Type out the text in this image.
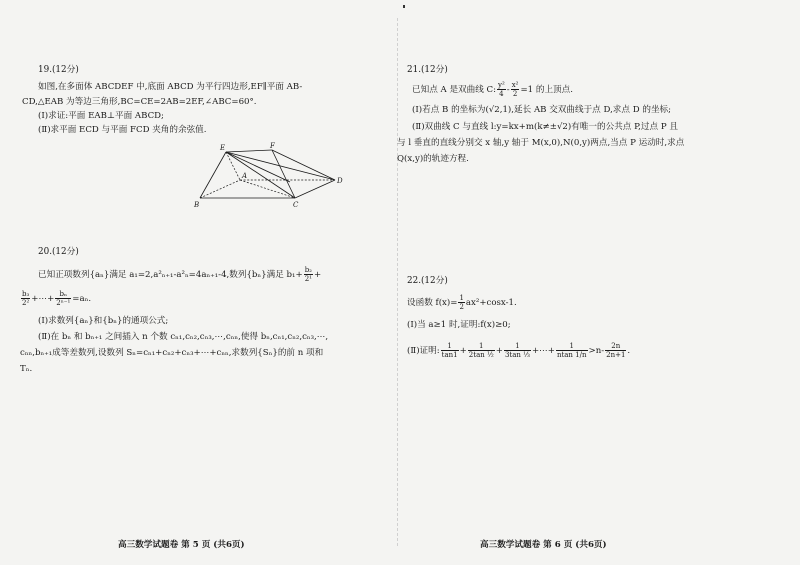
19.(12分)
如图,在多面体 ABCDEF 中,底面 ABCD 为平行四边形,EF∥平面 AB-
CD,△EAB 为等边三角形,BC=CE=2AB=2EF,∠ABC=60°.
(Ⅰ)求证:平面 EAB⊥平面 ABCD;
(Ⅱ)求平面 ECD 与平面 FCD 夹角的余弦值.
E	F
A
B	C
D
20.(12分)
已知正项数列{aₙ}满足 a₁=2,a²ₙ₊₁-a²ₙ=4aₙ₊₁-4,数列{bₙ}满足 $b_1+ \frac{\text{b₂}}{\text{2¹}}$ +
$\frac{\text{b₃}}{\text{2²}}$ +⋯+ $\frac{\text{bₙ}}{\text{2ⁿ⁻¹}} =a_n$.
(Ⅰ)求数列{aₙ}和{bₙ}的通项公式;
(Ⅱ)在 bₙ 和 bₙ₊₁ 之间插入 n 个数 cₙ₁,cₙ₂,cₙ₃,⋯,cₙₙ,使得 bₙ,cₙ₁,cₙ₂,cₙ₃,⋯,
cₙₙ,bₙ₊₁成等差数列,设数列 Sₙ=cₙ₁+cₙ₂+cₙ₃+⋯+cₙₙ,求数列{Sₙ}的前 n 项和
Tₙ.
高三数学试题卷 第 5 页 (共6页)
21.(12分)
已知点 A 是双曲线 C: $\frac{\text{y²}}{4} - \frac{\text{x²}}{2} =1$ 的上顶点.
(Ⅰ)若点 B 的坐标为(√2,1),延长 AB 交双曲线于点 D,求点 D 的坐标;
(Ⅱ)双曲线 C 与直线 l:y=kx+m(k≠±√2)有唯一的公共点 P,过点 P 且
与 l 垂直的直线分别交 x 轴,y 轴于 M(x,0),N(0,y)两点,当点 P 运动时,求点
Q(x,y)的轨迹方程.
22.(12分)
设函数 $f(x)= \frac{1}{2} ax^2+\cos x-1$.
(Ⅰ)当 a≥1 时,证明:f(x)≥0;
(Ⅱ)证明: $\frac{1}{\tan 1} + \frac{1}{\text{2tan ½}} + \frac{1}{\text{3tan ⅓}}$ +⋯+ $\frac{1}{ntan 1/n} >n- \frac{2n}{2n+1}$ .
高三数学试题卷 第 6 页 (共6页)
